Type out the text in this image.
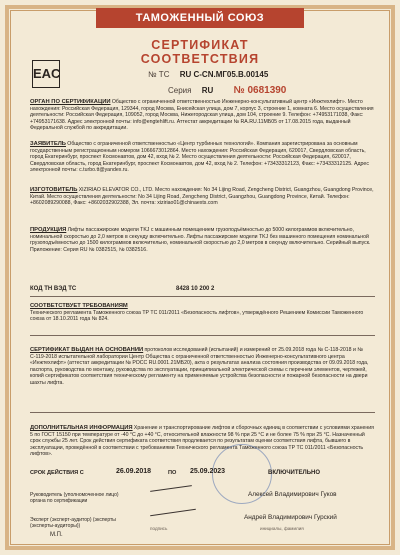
ТАМОЖЕННЫЙ СОЮЗ
СЕРТИФИКАТ СООТВЕТСТВИЯ
EAC	№ ТС RU С-CN.МГ05.В.00145
Серия RU № 0681390
ОРГАН ПО СЕРТИФИКАЦИИ Общество с ограниченной ответственностью Инженерно-консультативный центр «Инжтехлифт». Место нахождения: Российская Федерация, 129344, город Москва, Енисейская улица, дом 7, корпус 3, строение 1, комната 6. Место осуществления деятельности: Российская Федерация, 109052, город Москва, Нижегородская улица, дом 104, строение 9. Телефон: +74953171038, Факс: +74953171638. Адрес электронной почты: info@engtehlift.ru. Аттестат аккредитации № RA.RU.11МБ05 от 17.08.2015 года, выданный Федеральной службой по аккредитации.
ЗАЯВИТЕЛЬ Общество с ограниченной ответственностью «Центр турбинных технологий». Компания зарегистрирована за основным государственным регистрационным номером 1066673012864. Место нахождения: Российская Федерация, 620017, Свердловская область, город Екатеринбург, проспект Космонавтов, дом 42, вход № 2. Место осуществления деятельности: Российская Федерация, 620017, Свердловская область, город Екатеринбург, проспект Космонавтов, дом 42, вход № 2. Телефон: +73433312123, Факс: +73433312125. Адрес электронной почты: c.turbo.tt@yandex.ru.
ИЗГОТОВИТЕЛЬ XIZIRIAO ELEVATOR CO., LTD. Место нахождения: No 34 Lijing Road, Zengcheng District, Guangzhou, Guangdong Province, Китай. Место осуществления деятельности: No 34 Lijing Road, Zengcheng District, Guangzhou, Guangdong Province, Китай. Телефон: +8602089290088, Факс: +8602032902388, Эл. почта: xiziriao01@chinaexts.com
ПРОДУКЦИЯ Лифты пассажирские модели TKJ с машинным помещением грузоподъёмностью до 5000 килограммов включительно, номинальной скоростью до 2,0 метров в секунду включительно. Лифты пассажирские модели TKJ без машинного помещения номинальной грузоподъёмностью до 1500 килограммов включительно, номинальной скоростью до 2,0 метров в секунду включительно. Серийный выпуск. Приложение: Серия RU № 0382515, № 0382516.
КОД ТН ВЭД ТС	8428 10 200 2
СООТВЕТСТВУЕТ ТРЕБОВАНИЯМ
Технического регламента Таможенного союза ТР ТС 011/2011 «Безопасность лифтов», утверждённого Решением Комиссии Таможенного союза от 18.10.2011 года № 824.
СЕРТИФИКАТ ВЫДАН НА ОСНОВАНИИ протоколов исследований (испытаний) и измерений от 25.09.2018 года № С-118-2018 и № С-119-2018 испытательной лаборатории Центр Общества с ограниченной ответственностью Инженерно-консультативного центра «Инжтехлифт» (аттестат аккредитации № РОСС RU.0001.21МБ20), акта о результатах анализа состояния производства от 09.09.2018 года, паспорта, руководства по монтажу, руководства по эксплуатации, принципиальной электрической схемы с перечнем элементов, чертежей, копий сертификатов соответствия техническому регламенту на применяемые устройства безопасности и пожарной безопасности на двери шахты лифта.
ДОПОЛНИТЕЛЬНАЯ ИНФОРМАЦИЯ Хранение и транспортирование лифтов и сборочных единиц в соответствии с условиями хранения 5 по ГОСТ 15150 при температуре от -40 °С до +40 °С, относительной влажности 98 % при 25 °С и не более 75 % при 25 °С. Назначенный срок службы 25 лет. Срок действия сертификата соответствия продлевается по результатам оценки соответствия лифта, бывшего в эксплуатации, проведённой в соответствии с требованиями Технического регламента Таможенного союза ТР ТС 011/2011 «Безопасность лифтов».
СРОК ДЕЙСТВИЯ С	26.09.2018	ПО 25.09.2023	ВКЛЮЧИТЕЛЬНО
Руководитель (уполномоченное лицо) органа по сертификации
Алексей Владимирович Гуков
Эксперт (эксперт-аудитор) (эксперты (эксперты-аудиторы))
Андрей Владимирович Гурский
подпись	инициалы, фамилия
М.П.
